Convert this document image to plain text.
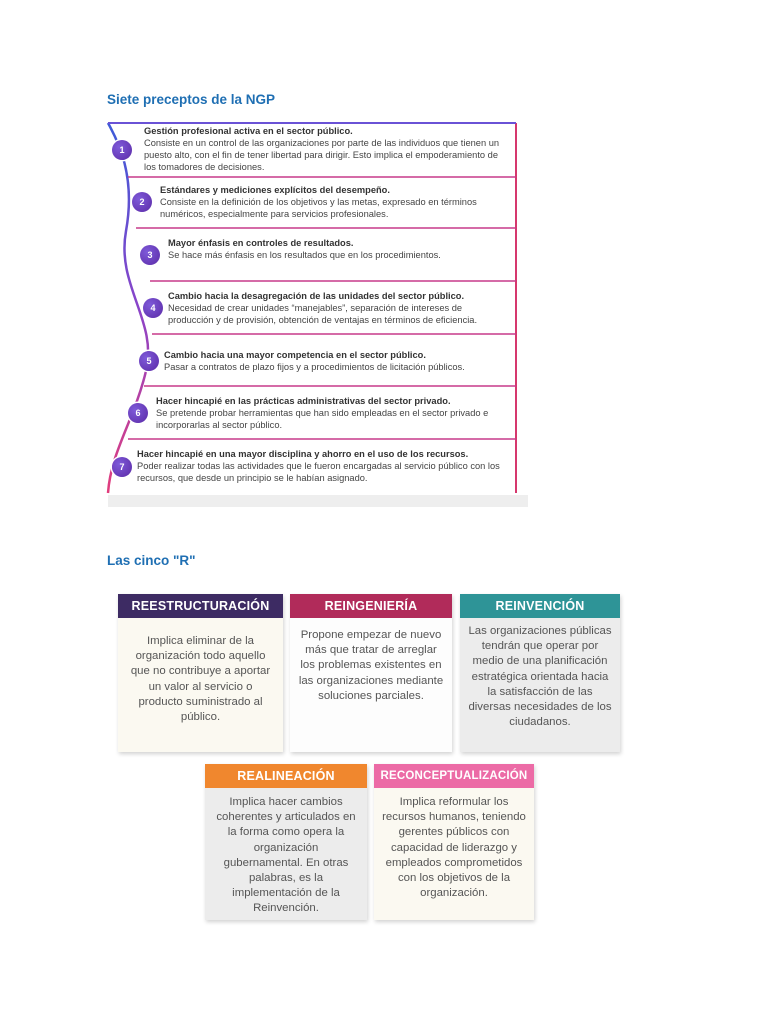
Siete preceptos de la NGP
1
Gestión profesional activa en el sector público.
Consiste en un control de las organizaciones por parte de las individuos que tienen un puesto alto, con el fin de tener libertad para dirigir. Esto implica el empoderamiento de los tomadores de decisiones.
2
Estándares y mediciones explícitos del desempeño.
Consiste en la definición de los objetivos y las metas, expresado en términos numéricos, especialmente para servicios profesionales.
3
Mayor énfasis en controles de resultados.
Se hace más énfasis en los resultados que en los procedimientos.
4
Cambio hacia la desagregación de las unidades del sector público.
Necesidad de crear unidades “manejables”, separación de intereses de producción y de provisión, obtención de ventajas en términos de eficiencia.
5
Cambio hacia una mayor competencia en el sector público.
Pasar a contratos de plazo fijos y a procedimientos de licitación públicos.
6
Hacer hincapié en las prácticas administrativas del sector privado.
Se pretende probar herramientas que han sido empleadas en el sector privado e incorporarlas al sector público.
7
Hacer hincapié en una mayor disciplina y ahorro en el uso de los recursos.
Poder realizar todas las actividades que le fueron encargadas al servicio público con los recursos, que desde un principio se le habían asignado.
Las cinco "R"
REESTRUCTURACIÓN
Implica eliminar de la organización todo aquello que no contribuye a aportar un valor al servicio o producto suministrado al público.
REINGENIERÍA
Propone empezar de nuevo más que tratar de arreglar los problemas existentes en las organizaciones mediante soluciones parciales.
REINVENCIÓN
Las organizaciones públicas tendrán que operar por medio de una planificación estratégica orientada hacia la satisfacción de las diversas necesidades de los ciudadanos.
REALINEACIÓN
Implica hacer cambios coherentes y articulados en la forma como opera la organización gubernamental. En otras palabras, es la implementación de la Reinvención.
RECONCEPTUALIZACIÓN
Implica reformular los recursos humanos, teniendo gerentes públicos con capacidad de liderazgo y empleados comprometidos con los objetivos de la organización.
